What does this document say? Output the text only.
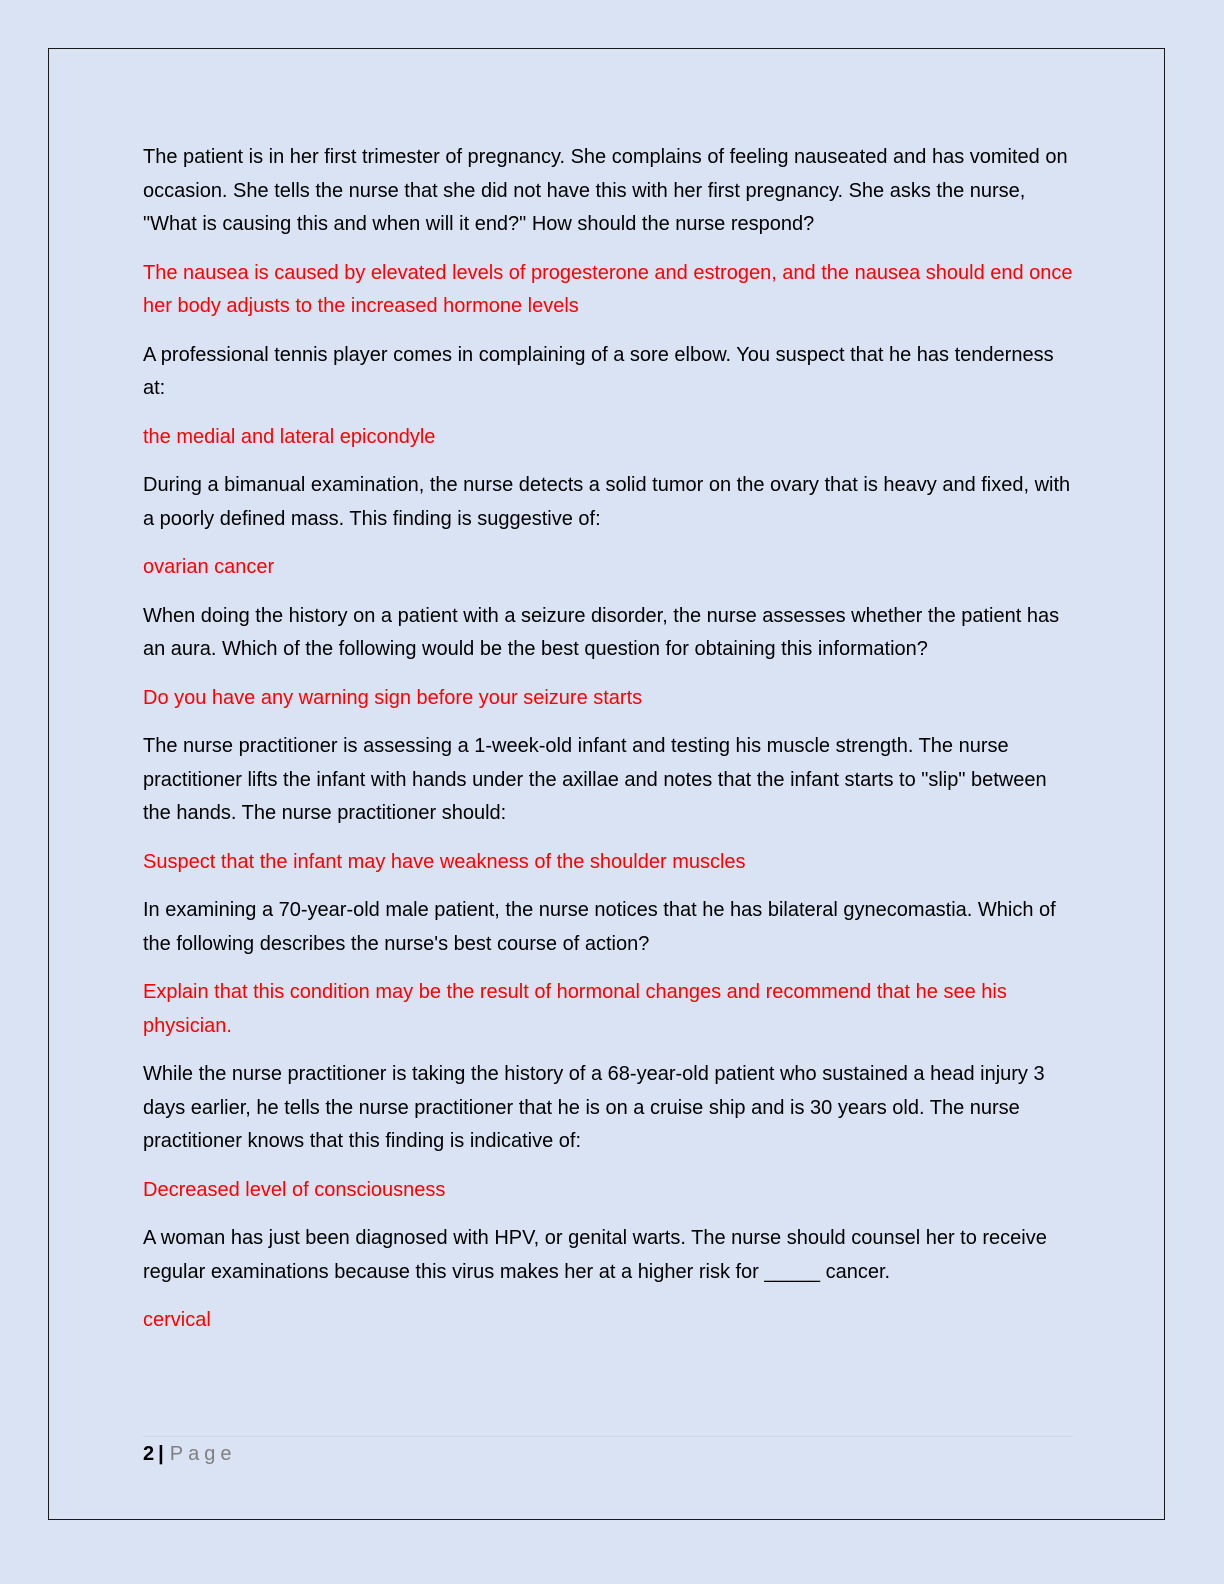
The patient is in her first trimester of pregnancy. She complains of feeling nauseated and has vomited on occasion. She tells the nurse that she did not have this with her first pregnancy. She asks the nurse, "What is causing this and when will it end?" How should the nurse respond?

The nausea is caused by elevated levels of progesterone and estrogen, and the nausea should end once her body adjusts to the increased hormone levels

A professional tennis player comes in complaining of a sore elbow. You suspect that he has tenderness at:

the medial and lateral epicondyle

During a bimanual examination, the nurse detects a solid tumor on the ovary that is heavy and fixed, with a poorly defined mass. This finding is suggestive of:

ovarian cancer

When doing the history on a patient with a seizure disorder, the nurse assesses whether the patient has an aura. Which of the following would be the best question for obtaining this information?

Do you have any warning sign before your seizure starts

The nurse practitioner is assessing a 1-week-old infant and testing his muscle strength. The nurse practitioner lifts the infant with hands under the axillae and notes that the infant starts to "slip" between the hands. The nurse practitioner should:

Suspect that the infant may have weakness of the shoulder muscles

In examining a 70-year-old male patient, the nurse notices that he has bilateral gynecomastia. Which of the following describes the nurse's best course of action?

Explain that this condition may be the result of hormonal changes and recommend that he see his physician.

While the nurse practitioner is taking the history of a 68-year-old patient who sustained a head injury 3 days earlier, he tells the nurse practitioner that he is on a cruise ship and is 30 years old. The nurse practitioner knows that this finding is indicative of:

Decreased level of consciousness

A woman has just been diagnosed with HPV, or genital warts. The nurse should counsel her to receive regular examinations because this virus makes her at a higher risk for _____ cancer.

cervical

2 | Page
